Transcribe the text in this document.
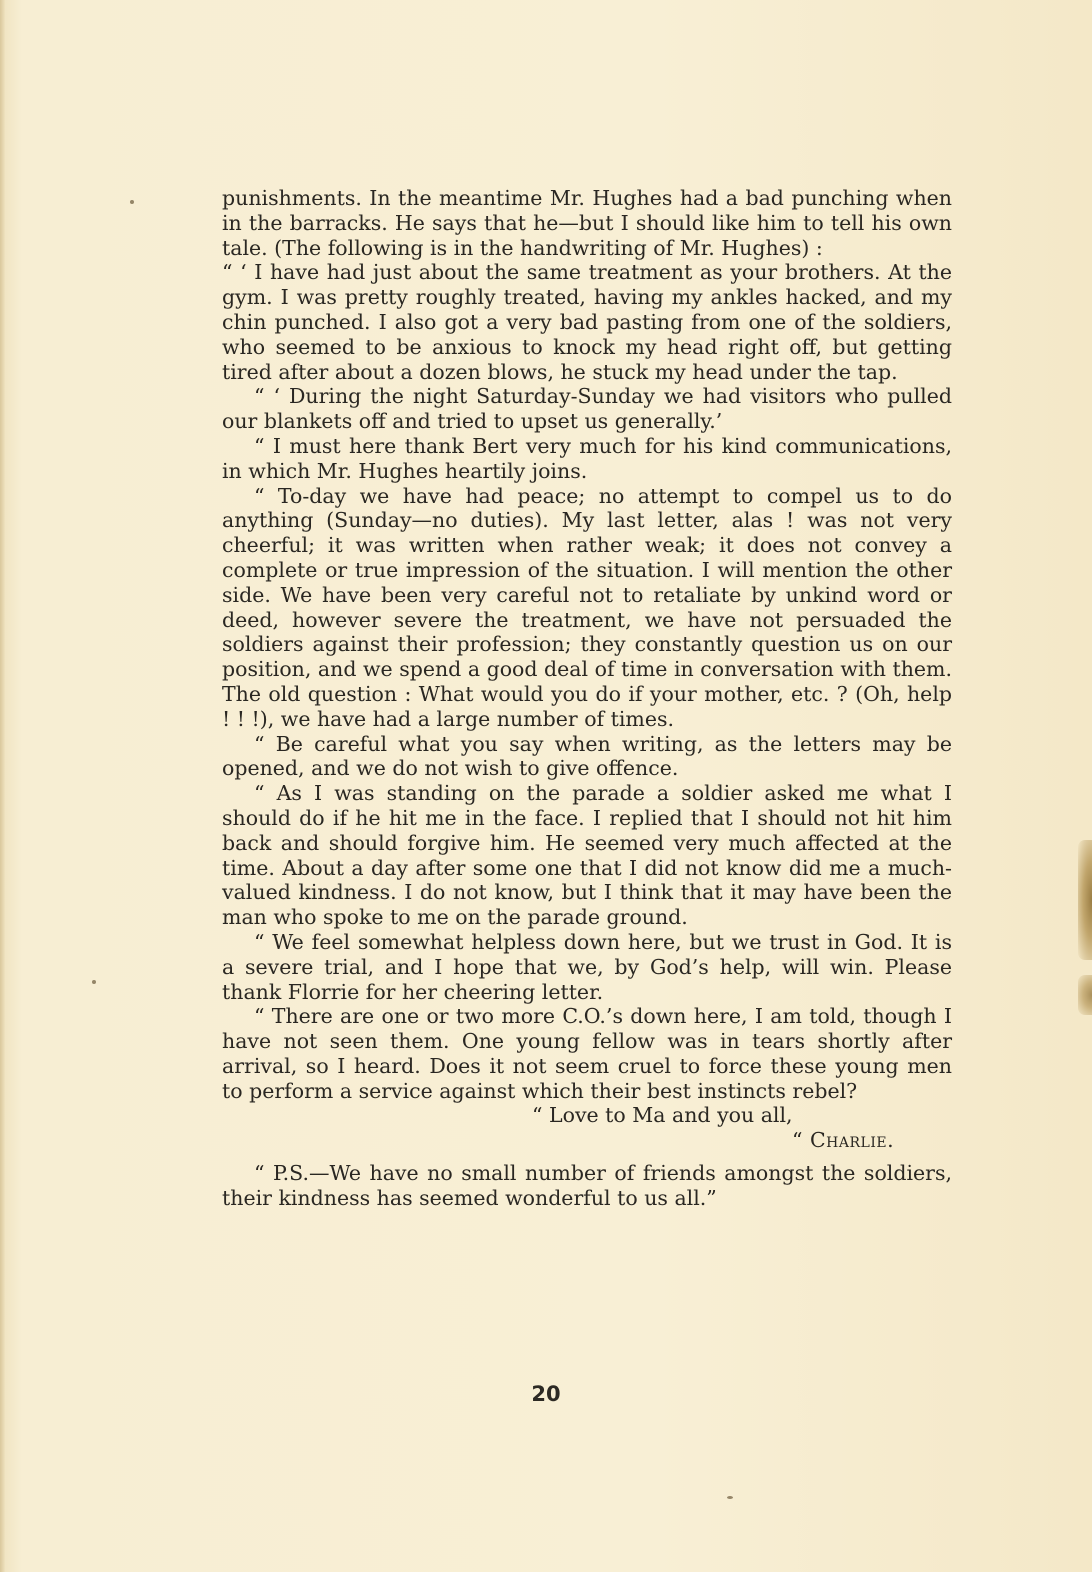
punishments. In the meantime Mr. Hughes had a bad punching when in the barracks. He says that he—but I should like him to tell his own tale. (The following is in the handwriting of Mr. Hughes) :

“ ‘ I have had just about the same treatment as your brothers. At the gym. I was pretty roughly treated, having my ankles hacked, and my chin punched. I also got a very bad pasting from one of the soldiers, who seemed to be anxious to knock my head right off, but getting tired after about a dozen blows, he stuck my head under the tap.

“ ‘ During the night Saturday-Sunday we had visitors who pulled our blankets off and tried to upset us generally.’

“ I must here thank Bert very much for his kind communications, in which Mr. Hughes heartily joins.

“ To-day we have had peace; no attempt to compel us to do anything (Sunday—no duties). My last letter, alas ! was not very cheerful; it was written when rather weak; it does not convey a complete or true impression of the situation. I will mention the other side. We have been very careful not to retaliate by unkind word or deed, however severe the treatment, we have not persuaded the soldiers against their profession; they constantly question us on our position, and we spend a good deal of time in conversation with them. The old question : What would you do if your mother, etc. ? (Oh, help ! ! !), we have had a large number of times.

“ Be careful what you say when writing, as the letters may be opened, and we do not wish to give offence.

“ As I was standing on the parade a soldier asked me what I should do if he hit me in the face. I replied that I should not hit him back and should forgive him. He seemed very much affected at the time. About a day after some one that I did not know did me a much-valued kindness. I do not know, but I think that it may have been the man who spoke to me on the parade ground.

“ We feel somewhat helpless down here, but we trust in God. It is a severe trial, and I hope that we, by God’s help, will win. Please thank Florrie for her cheering letter.

“ There are one or two more C.O.’s down here, I am told, though I have not seen them. One young fellow was in tears shortly after arrival, so I heard. Does it not seem cruel to force these young men to perform a service against which their best instincts rebel?

“ Love to Ma and you all,

“ Charlie.

“ P.S.—We have no small number of friends amongst the soldiers, their kindness has seemed wonderful to us all.”

20
